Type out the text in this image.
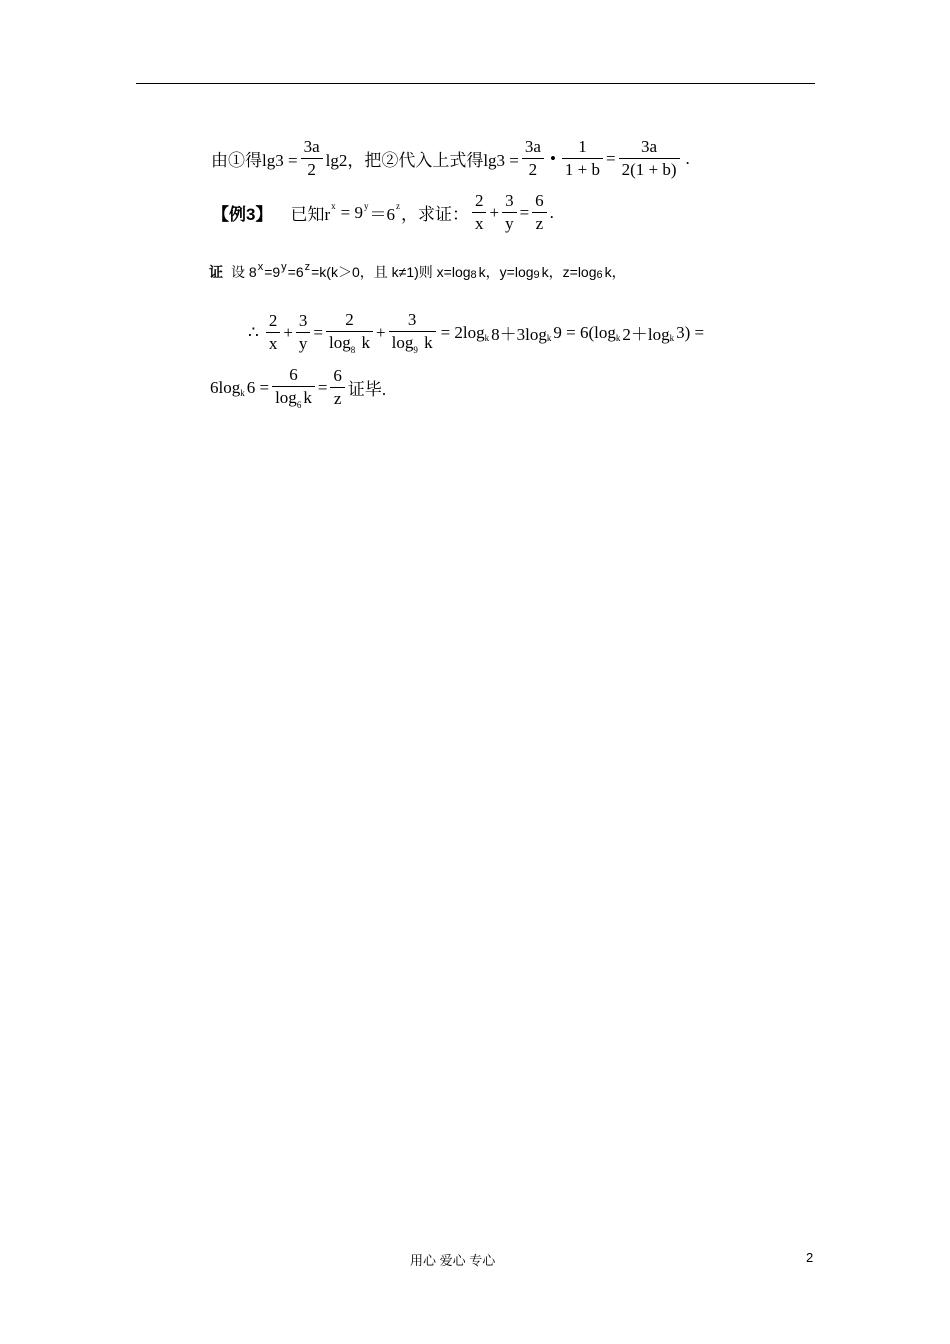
由①得$\lg 3 = \frac{3a}{2} \lg 2$，把②代入上式得$\lg 3 = \frac{3a}{2}$ • $\frac{1}{1 + b} = \frac{3a}{2(1 + b)}$ .
【例3】 已知r x = 9 y ＝6 z ，求证： $\frac{2}{x} + \frac{3}{y} = \frac{6}{z}$ .
证 设 8 x =9 y =6 z =k(k＞0，且 k≠1)则 x=log 8 k，y=log 9 k，z=log 6 k，
∴ $\frac{2}{x} + \frac{3}{y} = \frac{2}{\log_8 k} + \frac{3}{\log_9 k} = 2\log$ k 8＋3log k 9 = 6(log k 2＋log k 3) =
6log k $6 = \frac{6}{\log_6 k} = \frac{6}{z}$ 证毕.
用心 爱心 专心	2
